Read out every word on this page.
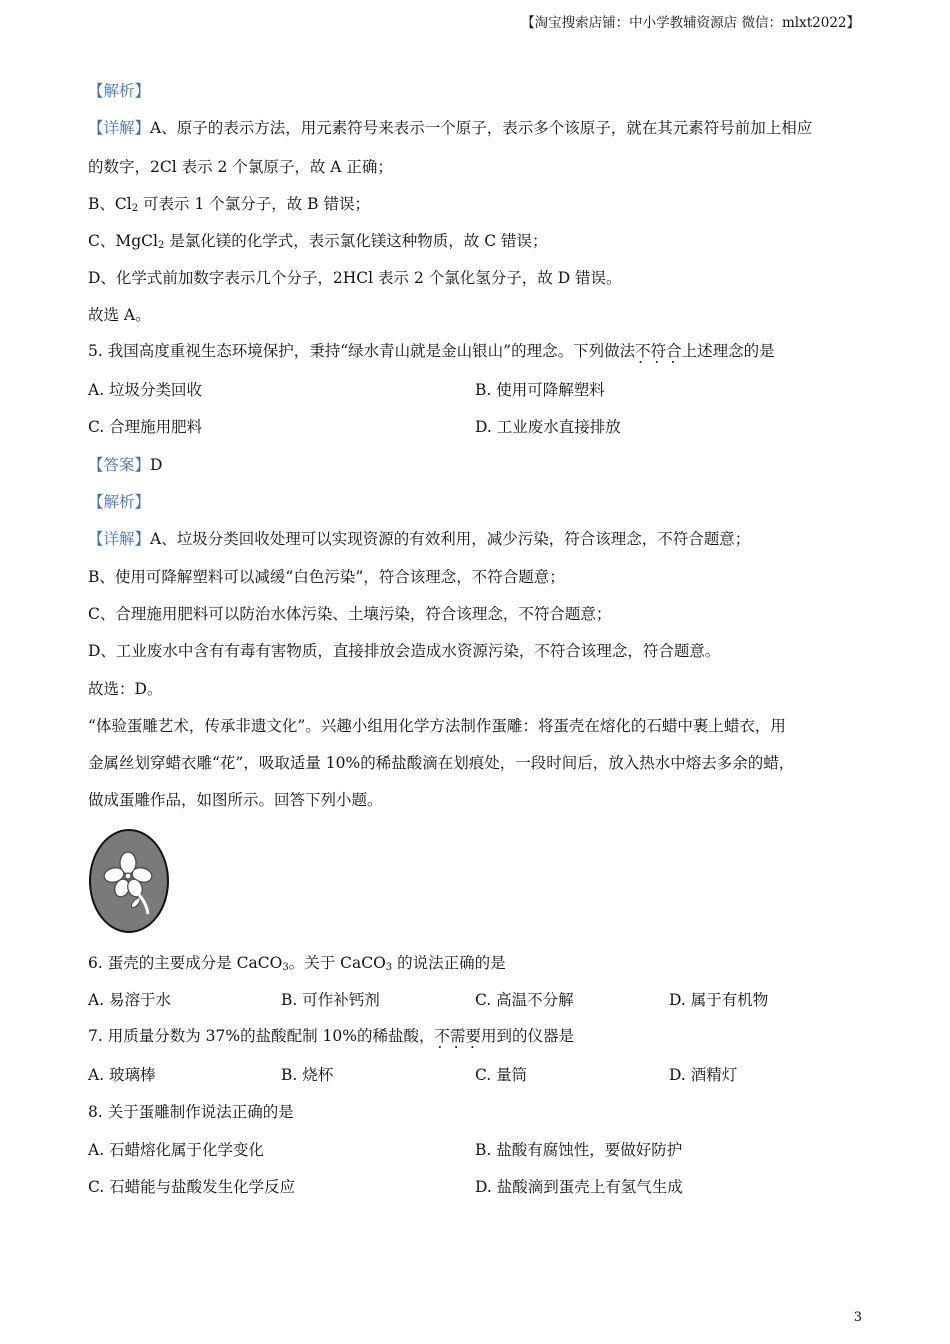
【淘宝搜索店铺：中小学教辅资源店 微信：mlxt2022】
【解析】
【详解】A、原子的表示方法，用元素符号来表示一个原子，表示多个该原子，就在其元素符号前加上相应
的数字，2Cl 表示 2 个氯原子，故 A 正确；
B、$Cl_2$ 可表示 1 个氯分子，故 B 错误；
C、MgCl$_2$ 是氯化镁的化学式，表示氯化镁这种物质，故 C 错误；
D、化学式前加数字表示几个分子，2HCl 表示 2 个氯化氢分子，故 D 错误。
故选 A。
5. 我国高度重视生态环境保护，秉持“绿水青山就是金山银山”的理念。下列做法不符合 · · ·上述理念的是
A. 垃圾分类回收	B. 使用可降解塑料
C. 合理施用肥料	D. 工业废水直接排放
【答案】D
【解析】
【详解】A、垃圾分类回收处理可以实现资源的有效利用，减少污染，符合该理念，不符合题意；
B、使用可降解塑料可以减缓“白色污染”，符合该理念，不符合题意；
C、合理施用肥料可以防治水体污染、土壤污染，符合该理念，不符合题意；
D、工业废水中含有有毒有害物质，直接排放会造成水资源污染，不符合该理念，符合题意。
故选：D。
“体验蛋雕艺术，传承非遗文化”。兴趣小组用化学方法制作蛋雕：将蛋壳在熔化的石蜡中裹上蜡衣，用
金属丝划穿蜡衣雕“花”，吸取适量 10%的稀盐酸滴在划痕处，一段时间后，放入热水中熔去多余的蜡，
做成蛋雕作品，如图所示。回答下列小题。
6. 蛋壳的主要成分是 CaCO$_3$。关于 CaCO$_3$ 的说法正确的是
A. 易溶于水	B. 可作补钙剂	C. 高温不分解	D. 属于有机物
7. 用质量分数为 37%的盐酸配制 10%的稀盐酸，不需要 · · ·用到的仪器是
A. 玻璃棒	B. 烧杯	C. 量筒	D. 酒精灯
8. 关于蛋雕制作说法正确的是
A. 石蜡熔化属于化学变化	B. 盐酸有腐蚀性，要做好防护
C. 石蜡能与盐酸发生化学反应	D. 盐酸滴到蛋壳上有氢气生成
3
